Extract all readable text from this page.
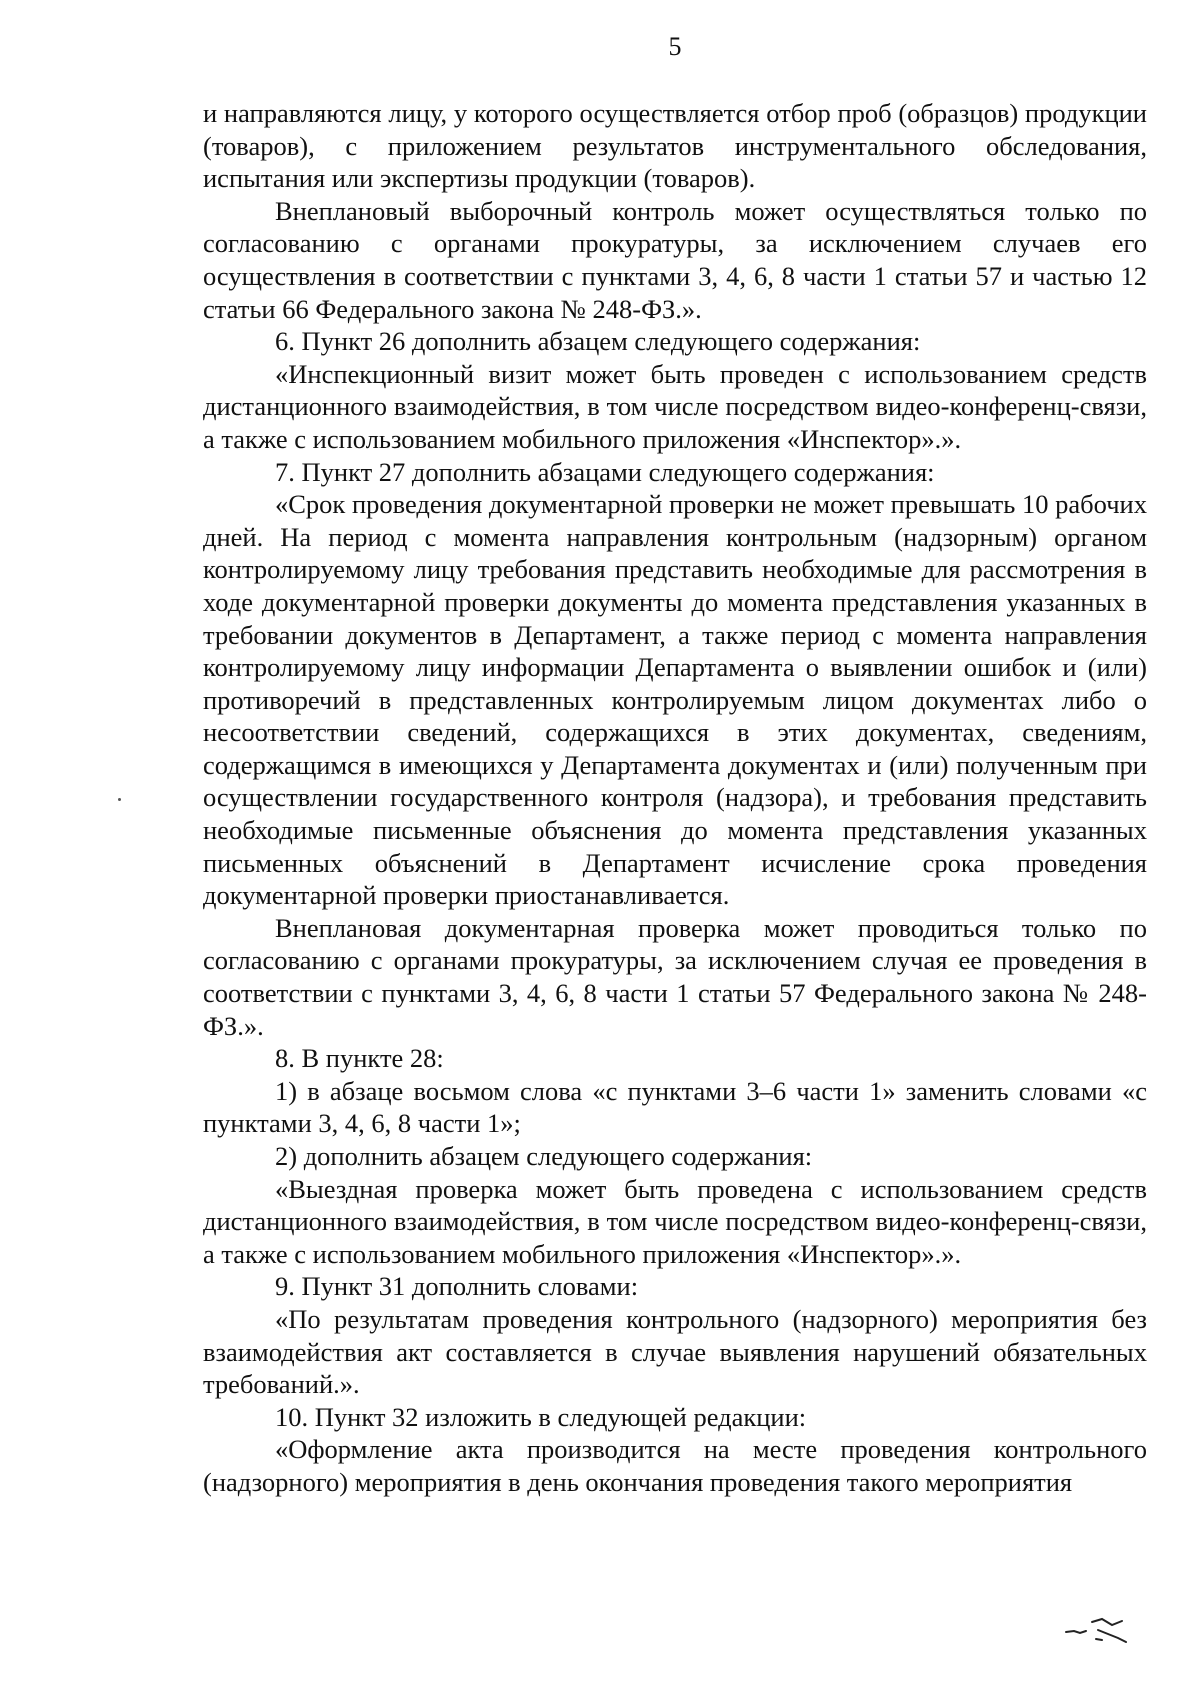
5

и направляются лицу, у которого осуществляется отбор проб (образцов) продукции (товаров), с приложением результатов инструментального обследования, испытания или экспертизы продукции (товаров).

Внеплановый выборочный контроль может осуществляться только по согласованию с органами прокуратуры, за исключением случаев его осуществления в соответствии с пунктами 3, 4, 6, 8 части 1 статьи 57 и частью 12 статьи 66 Федерального закона № 248-ФЗ.».

6. Пункт 26 дополнить абзацем следующего содержания:

«Инспекционный визит может быть проведен с использованием средств дистанционного взаимодействия, в том числе посредством видео-конференц-связи, а также с использованием мобильного приложения «Инспектор».».

7. Пункт 27 дополнить абзацами следующего содержания:

«Срок проведения документарной проверки не может превышать 10 рабочих дней. На период с момента направления контрольным (надзорным) органом контролируемому лицу требования представить необходимые для рассмотрения в ходе документарной проверки документы до момента представления указанных в требовании документов в Департамент, а также период с момента направления контролируемому лицу информации Департамента о выявлении ошибок и (или) противоречий в представленных контролируемым лицом документах либо о несоответствии сведений, содержащихся в этих документах, сведениям, содержащимся в имеющихся у Департамента документах и (или) полученным при осуществлении государственного контроля (надзора), и требования представить необходимые письменные объяснения до момента представления указанных письменных объяснений в Департамент исчисление срока проведения документарной проверки приостанавливается.

Внеплановая документарная проверка может проводиться только по согласованию с органами прокуратуры, за исключением случая ее проведения в соответствии с пунктами 3, 4, 6, 8 части 1 статьи 57 Федерального закона № 248-ФЗ.».

8. В пункте 28:

1) в абзаце восьмом слова «с пунктами 3–6 части 1» заменить словами «с пунктами 3, 4, 6, 8 части 1»;

2) дополнить абзацем следующего содержания:

«Выездная проверка может быть проведена с использованием средств дистанционного взаимодействия, в том числе посредством видео-конференц-связи, а также с использованием мобильного приложения «Инспектор».».

9. Пункт 31 дополнить словами:

«По результатам проведения контрольного (надзорного) мероприятия без взаимодействия акт составляется в случае выявления нарушений обязательных требований.».

10. Пункт 32 изложить в следующей редакции:

«Оформление акта производится на месте проведения контрольного (надзорного) мероприятия в день окончания проведения такого мероприятия
